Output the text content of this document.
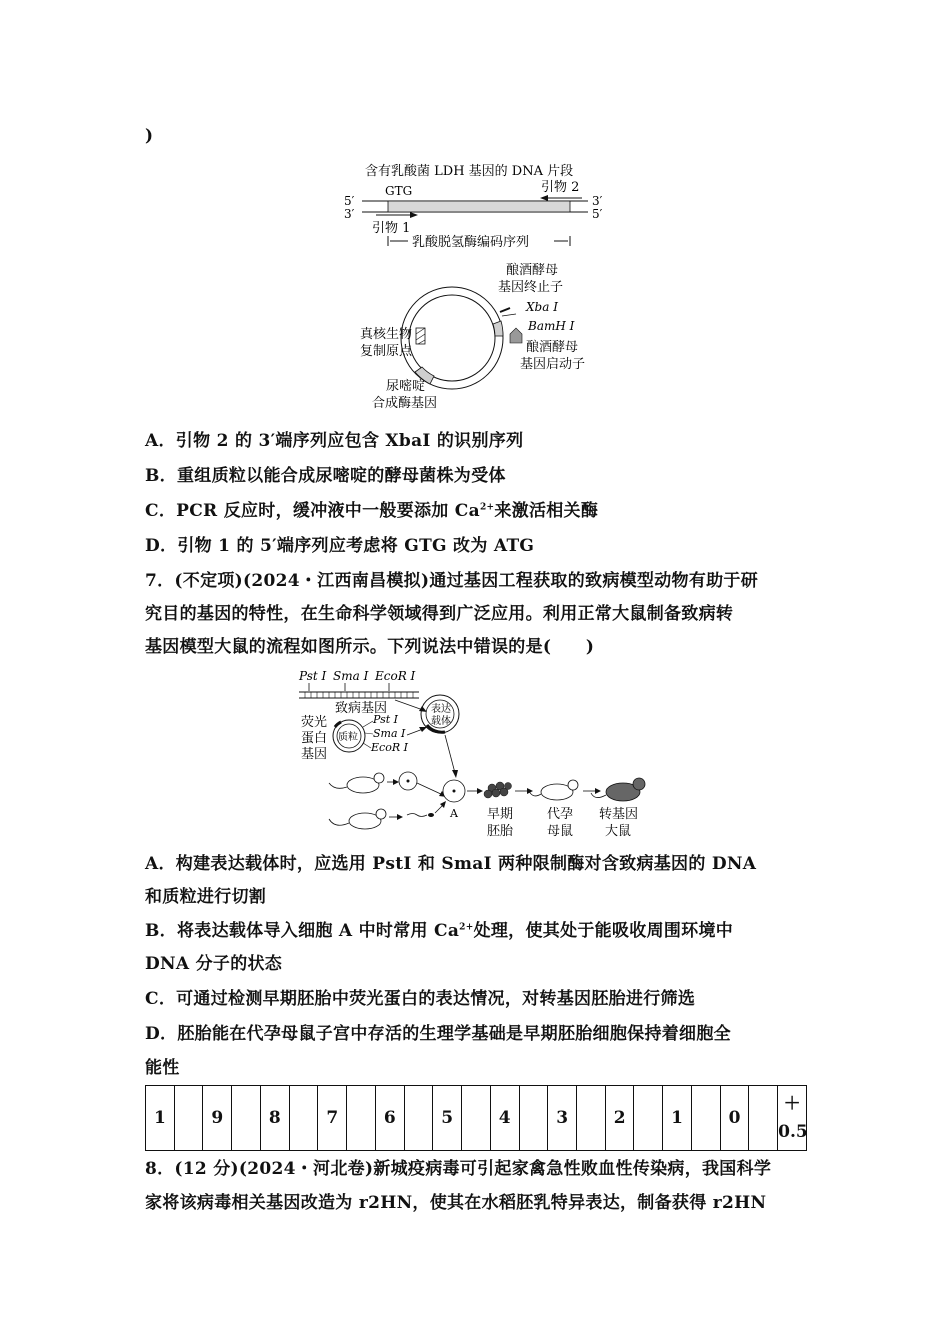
)
含有乳酸菌 LDH 基因的 DNA 片段
GTG	引物 2
5′
3′
3′
5′
引物 1
乳酸脱氢酶编码序列
酿酒酵母
基因终止子
Xba Ⅰ
BamH Ⅰ
酿酒酵母
基因启动子
真核生物
复制原点
尿嘧啶
合成酶基因
A．引物 2 的 3′端序列应包含 XbaⅠ 的识别序列
B．重组质粒以能合成尿嘧啶的酵母菌株为受体
C．PCR 反应时，缓冲液中一般要添加 $Ca^{2+}$来激活相关酶
D．引物 1 的 5′端序列应考虑将 GTG 改为 ATG
7．(不定项)(2024・江西南昌模拟)通过基因工程获取的致病模型动物有助于研
究目的基因的特性，在生命科学领域得到广泛应用。利用正常大鼠制备致病转
基因模型大鼠的流程如图所示。下列说法中错误的是(　　)
Pst Ⅰ Sma Ⅰ EcoR Ⅰ
致病基因
荧光
蛋白
基因
质粒
Pst Ⅰ
Sma Ⅰ
EcoR Ⅰ
表达
载体
A 早期
胚胎
代孕
母鼠
转基因
大鼠
A．构建表达载体时，应选用 PstⅠ 和 SmaⅠ 两种限制酶对含致病基因的 DNA
和质粒进行切割
B．将表达载体导入细胞 A 中时常用 $Ca^{2+}$处理，使其处于能吸收周围环境中
DNA 分子的状态
C．可通过检测早期胚胎中荧光蛋白的表达情况，对转基因胚胎进行筛选
D．胚胎能在代孕母鼠子宫中存活的生理学基础是早期胚胎细胞保持着细胞全
能性
1		9		8		7		6		5		4		3		2		1		0		＋
0.5
8．(12 分)(2024・河北卷)新城疫病毒可引起家禽急性败血性传染病，我国科学
家将该病毒相关基因改造为 r2HN，使其在水稻胚乳特异表达，制备获得 r2HN
